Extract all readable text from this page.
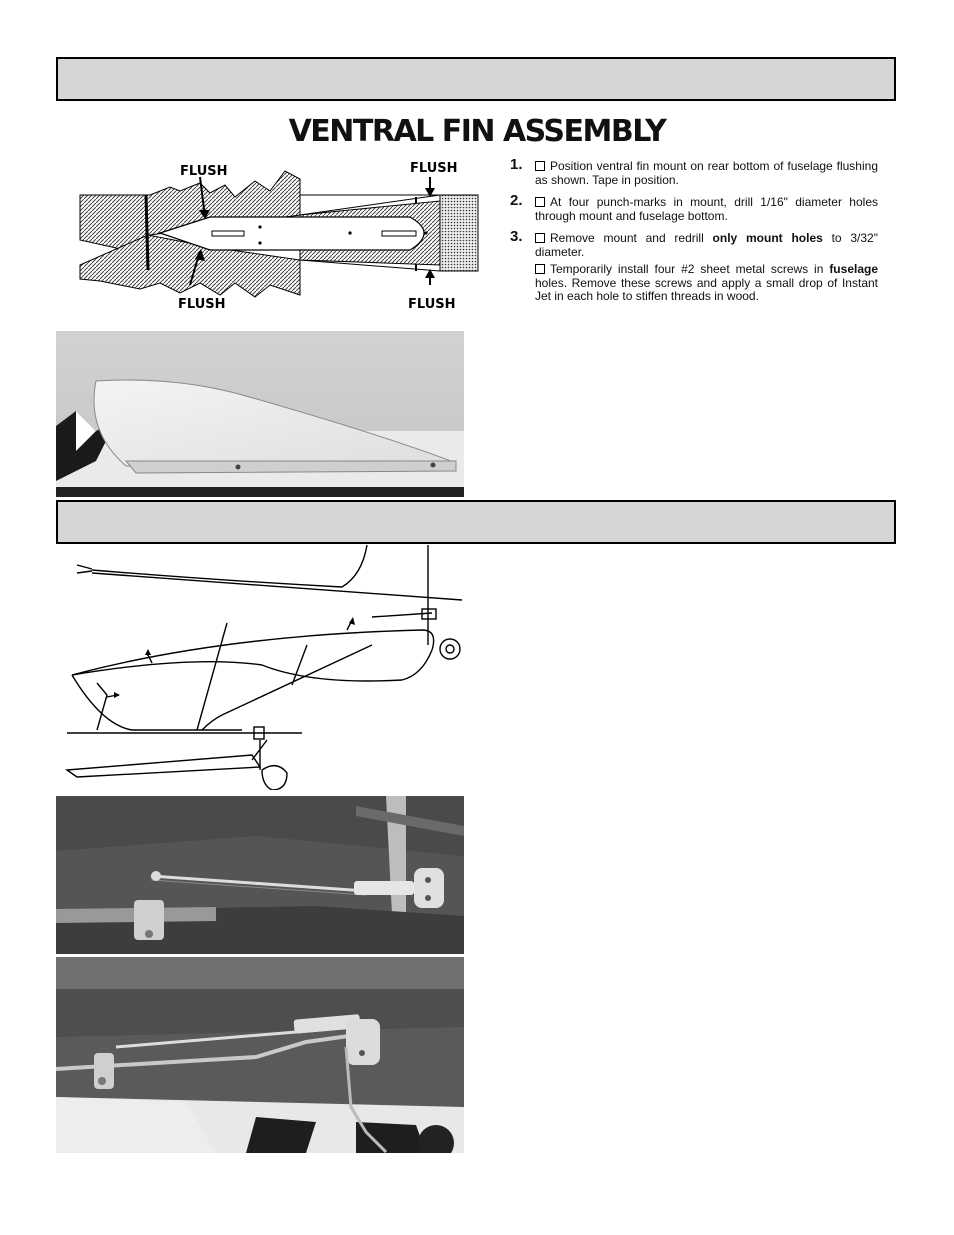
VENTRAL FIN ASSEMBLY
FLUSH	FLUSH
FLUSH	FLUSH
1. Position ventral fin mount on rear bottom of fuselage flushing as shown. Tape in position.
2. At four punch-marks in mount, drill 1/16" diameter holes through mount and fuselage bottom.
3. Remove mount and redrill only mount holes to 3/32" diameter.
Temporarily install four #2 sheet metal screws in fuselage holes. Remove these screws and apply a small drop of Instant Jet in each hole to stiffen threads in wood.
